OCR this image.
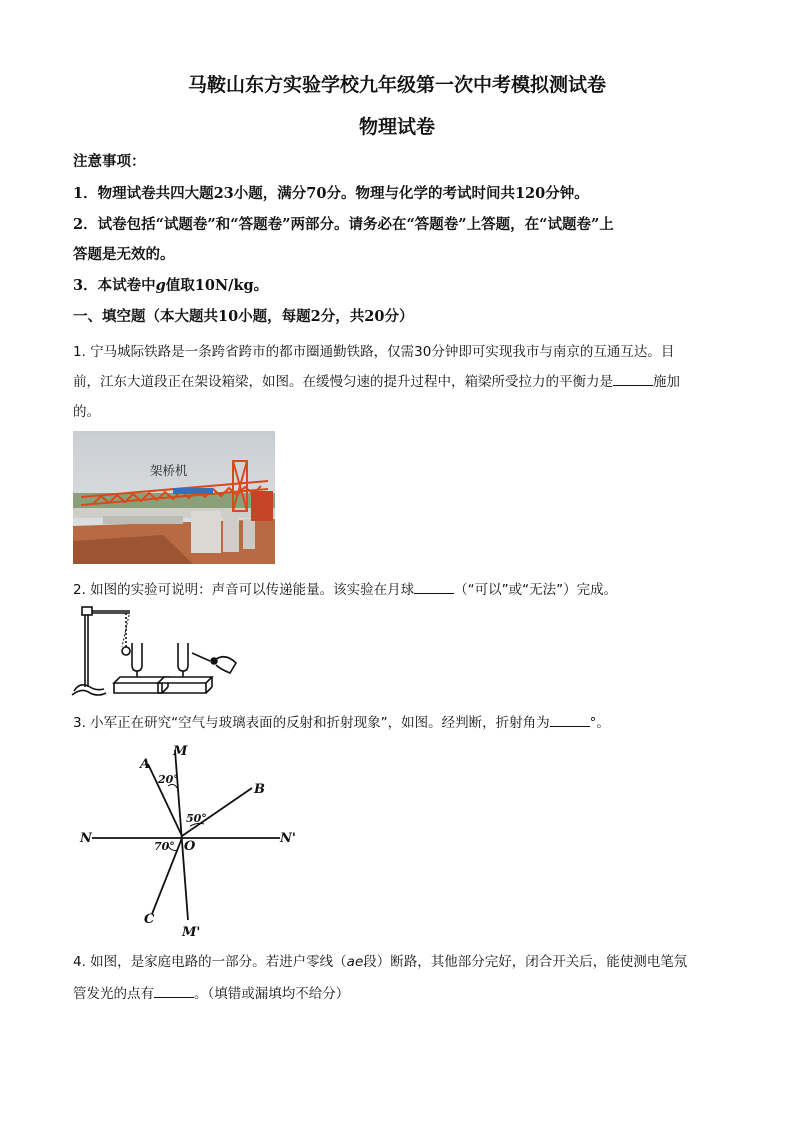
马鞍山东方实验学校九年级第一次中考模拟测试卷
物理试卷
注意事项：
1．物理试卷共四大题23小题，满分70分。物理与化学的考试时间共120分钟。
2．试卷包括“试题卷”和“答题卷”两部分。请务必在“答题卷”上答题，在“试题卷”上
答题是无效的。
3．本试卷中g值取10N/kg。
一、填空题（本大题共10小题，每题2分，共20分）
1. 宁马城际铁路是一条跨省跨市的都市圈通勤铁路，仅需30分钟即可实现我市与南京的互通互达。目
前，江东大道段正在架设箱梁，如图。在缓慢匀速的提升过程中，箱梁所受拉力的平衡力是	施加
的。
架桥机
2. 如图的实验可说明：声音可以传递能量。该实验在月球	（“可以”或“无法”）完成。
3. 小军正在研究“空气与玻璃表面的反射和折射现象”，如图。经判断，折射角为	°。
M
M'
N	N'
O
A
B
C
20°
50°
70°
4. 如图，是家庭电路的一部分。若进户零线（ae段）断路，其他部分完好，闭合开关后，能使测电笔氖
管发光的点有	。（填错或漏填均不给分）
